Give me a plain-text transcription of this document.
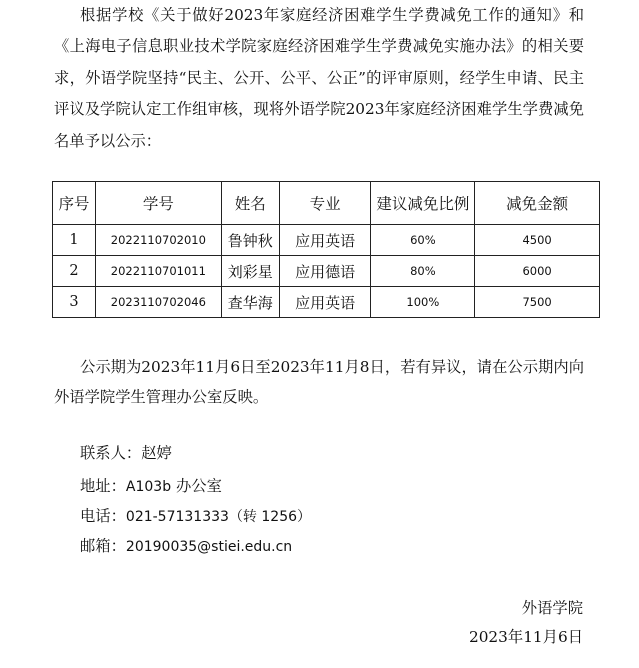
根据学校《关于做好2023年家庭经济困难学生学费减免工作的通知》和《上海电子信息职业技术学院家庭经济困难学生学费减免实施办法》的相关要求，外语学院坚持“民主、公开、公平、公正”的评审原则，经学生申请、民主评议及学院认定工作组审核，现将外语学院2023年家庭经济困难学生学费减免名单予以公示：

序号	学号	姓名	专业	建议减免比例	减免金额
1	2022110702010	鲁钟秋	应用英语	60%	4500
2	2022110701011	刘彩星	应用德语	80%	6000
3	2023110702046	查华海	应用英语	100%	7500

公示期为2023年11月6日至2023年11月8日，若有异议，请在公示期内向外语学院学生管理办公室反映。

联系人：赵婷
地址：A103b 办公室
电话：021-57131333（转 1256）
邮箱：20190035@stiei.edu.cn
外语学院
2023年11月6日
